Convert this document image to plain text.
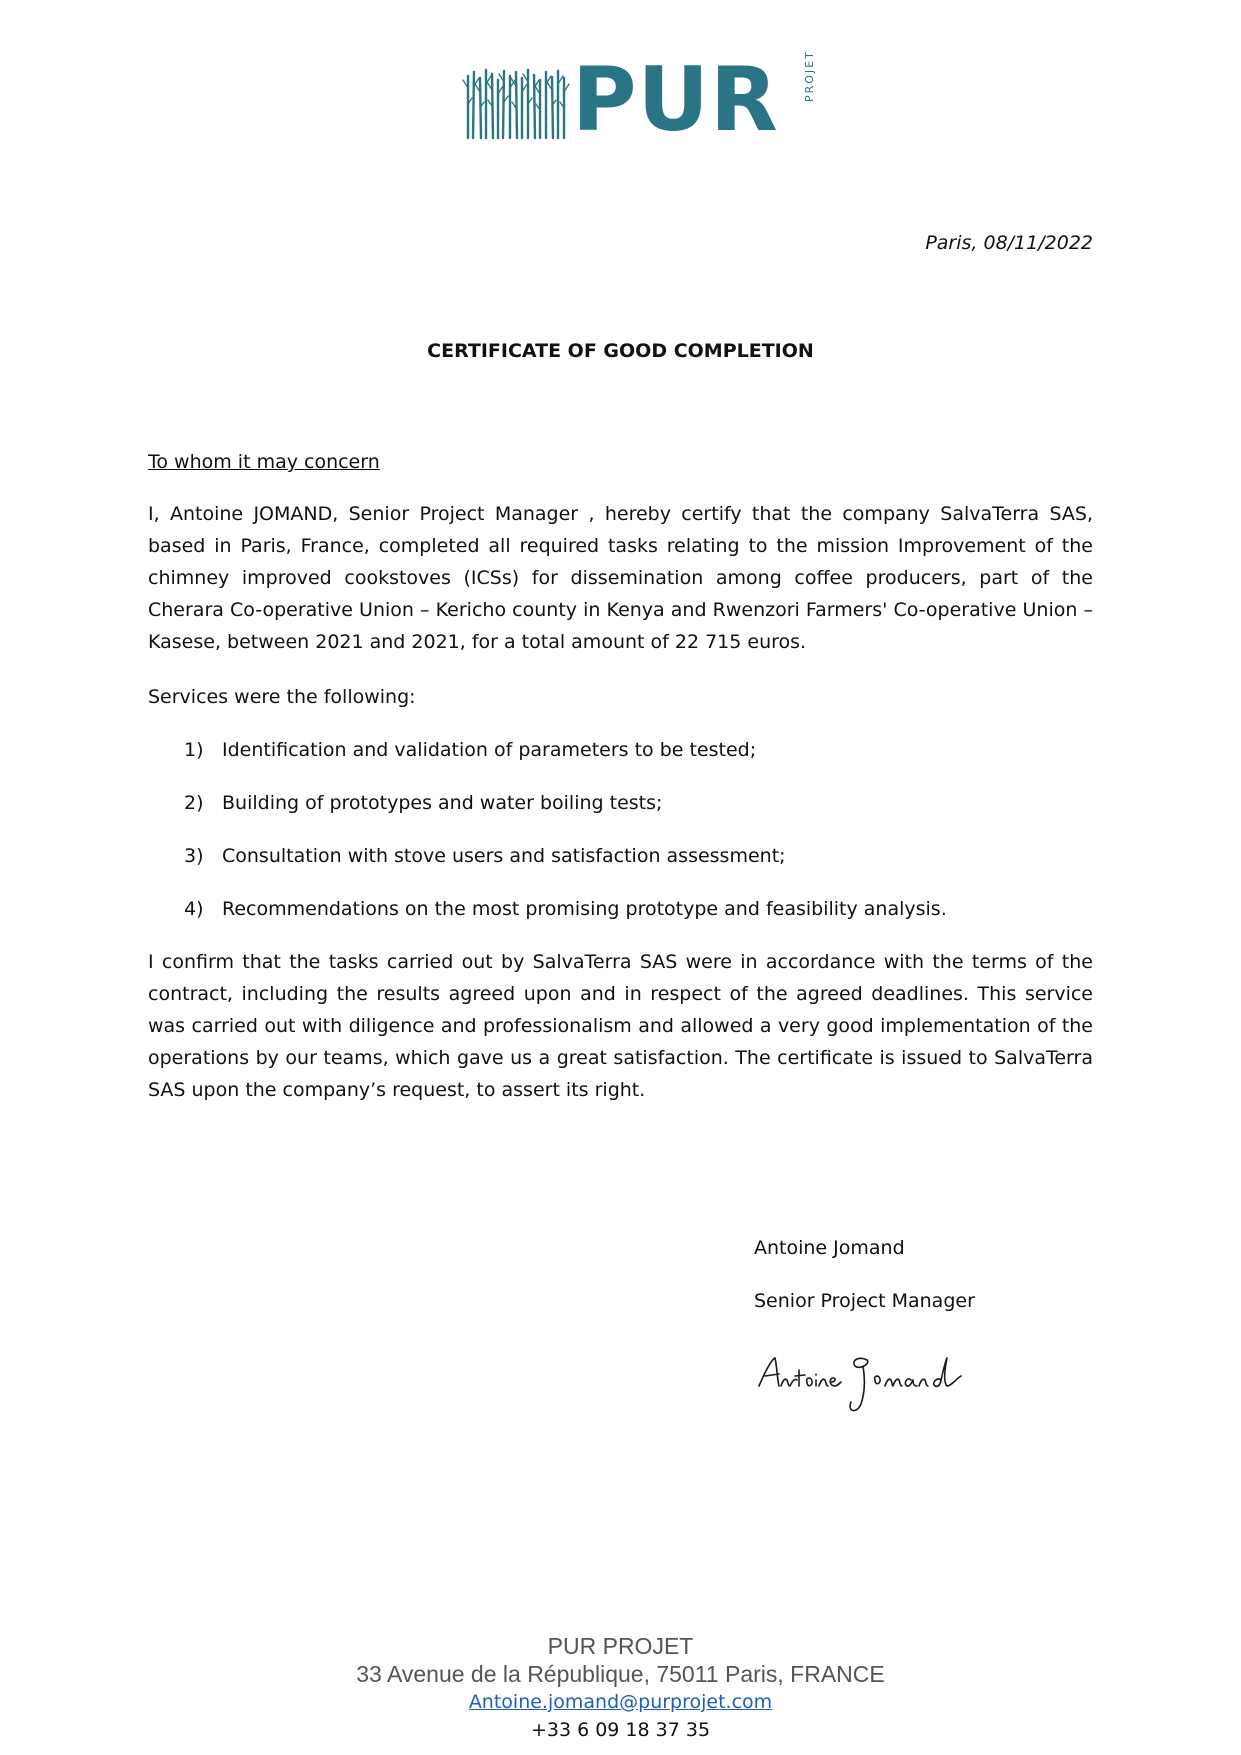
PUR PROJET
Paris, 08/11/2022
CERTIFICATE OF GOOD COMPLETION
To whom it may concern
I, Antoine JOMAND, Senior Project Manager , hereby certify that the company SalvaTerra SAS, based in Paris, France, completed all required tasks relating to the mission Improvement of the chimney improved cookstoves (ICSs) for dissemination among coffee producers, part of the Cherara Co-operative Union – Kericho county in Kenya and Rwenzori Farmers' Co-operative Union – Kasese, between 2021 and 2021, for a total amount of 22 715 euros.
Services were the following:
1) Identification and validation of parameters to be tested;
2) Building of prototypes and water boiling tests;
3) Consultation with stove users and satisfaction assessment;
4) Recommendations on the most promising prototype and feasibility analysis.
I confirm that the tasks carried out by SalvaTerra SAS were in accordance with the terms of the contract, including the results agreed upon and in respect of the agreed deadlines. This service was carried out with diligence and professionalism and allowed a very good implementation of the operations by our teams, which gave us a great satisfaction. The certificate is issued to SalvaTerra SAS upon the company’s request, to assert its right.
Antoine Jomand
Senior Project Manager
PUR PROJET
33 Avenue de la République, 75011 Paris, FRANCE
Antoine.jomand@purprojet.com
+33 6 09 18 37 35
